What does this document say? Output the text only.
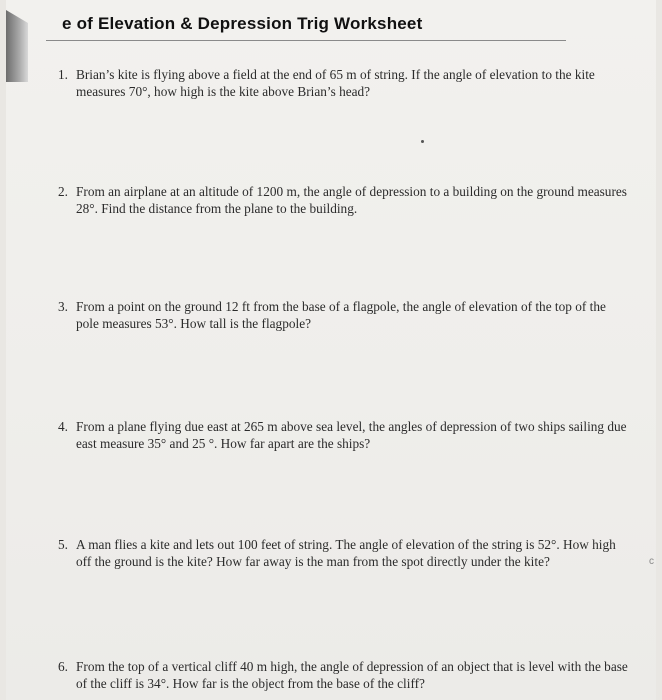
e of Elevation & Depression Trig Worksheet
1. Brian’s kite is flying above a field at the end of 65 m of string. If the angle of elevation to the kite measures 70°, how high is the kite above Brian’s head?
2. From an airplane at an altitude of 1200 m, the angle of depression to a building on the ground measures 28°. Find the distance from the plane to the building.
3. From a point on the ground 12 ft from the base of a flagpole, the angle of elevation of the top of the pole measures 53°. How tall is the flagpole?
4. From a plane flying due east at 265 m above sea level, the angles of depression of two ships sailing due east measure 35° and 25 °. How far apart are the ships?
5. A man flies a kite and lets out 100 feet of string. The angle of elevation of the string is 52°. How high off the ground is the kite? How far away is the man from the spot directly under the kite?
6. From the top of a vertical cliff 40 m high, the angle of depression of an object that is level with the base of the cliff is 34°. How far is the object from the base of the cliff?
c
